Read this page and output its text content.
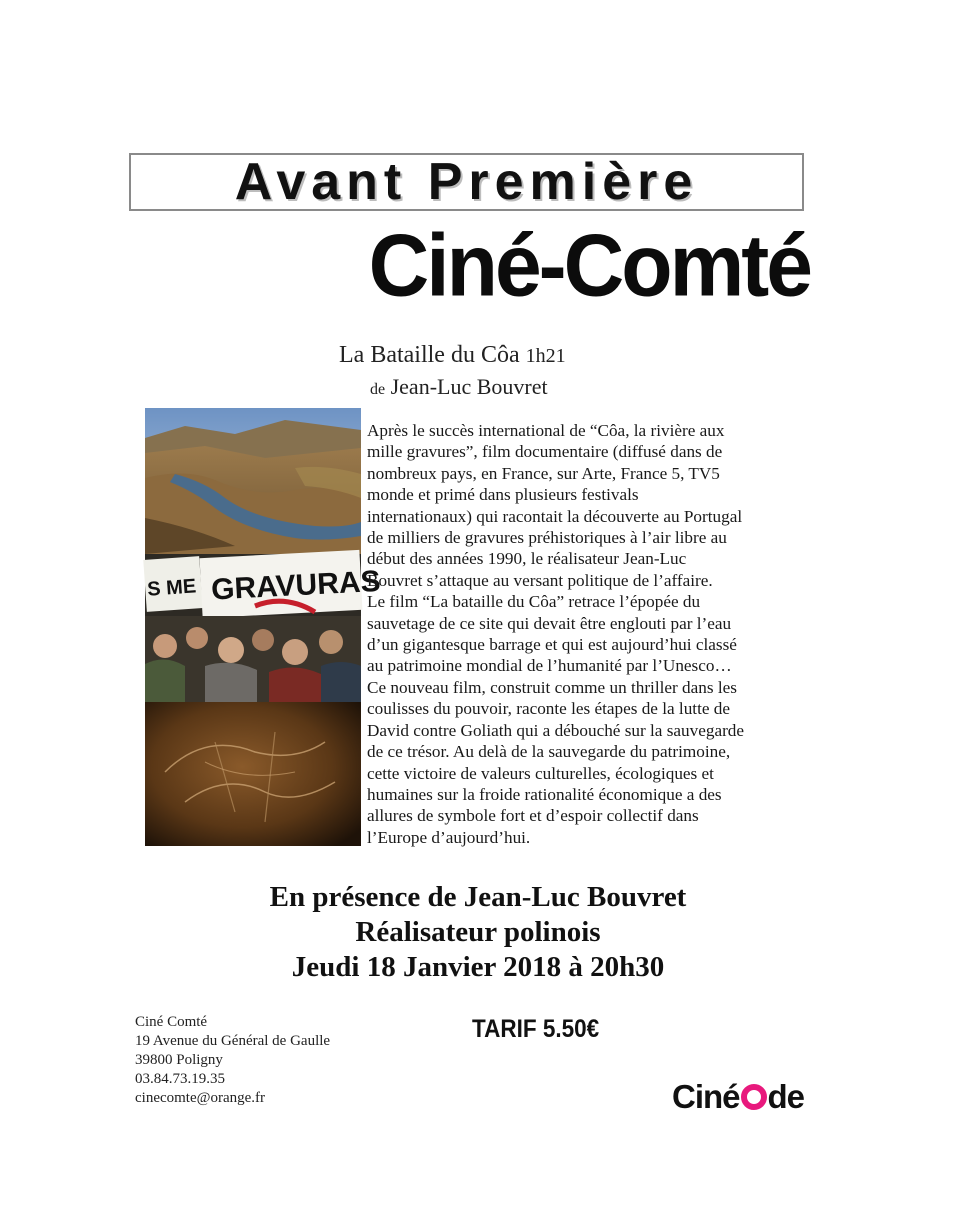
Avant Première
Ciné-Comté
La Bataille du Côa 1h21
de Jean-Luc Bouvret
S ME GRAVURAS
Après le succès international de “Côa, la rivière aux
mille gravures”, film documentaire (diffusé dans de
nombreux pays, en France, sur Arte, France 5, TV5
monde et primé dans plusieurs festivals
internationaux) qui racontait la découverte au Portugal
de milliers de gravures préhistoriques à l’air libre au
début des années 1990, le réalisateur Jean-Luc
Bouvret s’attaque au versant politique de l’affaire.
Le film “La bataille du Côa” retrace l’épopée du
sauvetage de ce site qui devait être englouti par l’eau
d’un gigantesque barrage et qui est aujourd’hui classé
au patrimoine mondial de l’humanité par l’Unesco…
Ce nouveau film, construit comme un thriller dans les
coulisses du pouvoir, raconte les étapes de la lutte de
David contre Goliath qui a débouché sur la sauvegarde
de ce trésor. Au delà de la sauvegarde du patrimoine,
cette victoire de valeurs culturelles, écologiques et
humaines sur la froide rationalité économique a des
allures de symbole fort et d’espoir collectif dans
l’Europe d’aujourd’hui.
En présence de Jean-Luc Bouvret
Réalisateur polinois
Jeudi 18 Janvier 2018 à 20h30
Ciné Comté
19 Avenue du Général de Gaulle
39800 Poligny
03.84.73.19.35
cinecomte@orange.fr
TARIF 5.50€
Ciné de
